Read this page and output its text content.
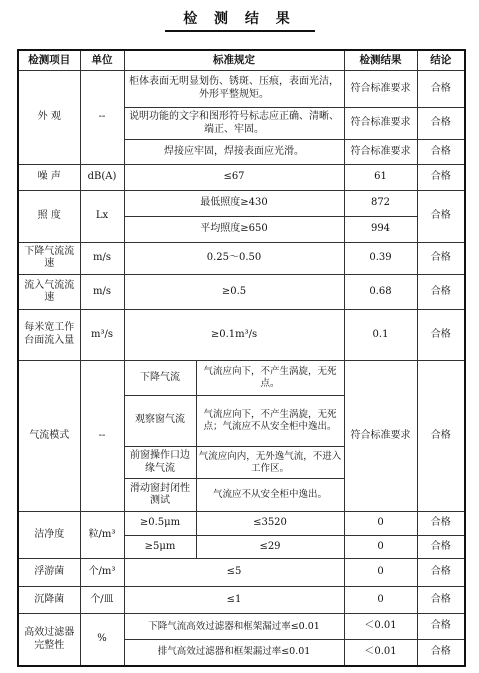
检 测 结 果
检测项目	单位	标准规定		检测结果	结论
外 观	--	柜体表面无明显划伤、锈斑、压痕，表面光洁，外形平整规矩。		符合标准要求	合格
		说明功能的文字和图形符号标志应正确、清晰、端正、牢固。		符合标准要求	合格
		焊接应牢固，焊接表面应光滑。		符合标准要求	合格
噪 声	dB(A)	≤67		61	合格
照 度	Lx	最低照度≥430		872	合格
		平均照度≥650		994	
下降气流流速	m/s	0.25～0.50		0.39	合格
流入气流流速	m/s	≥0.5		0.68	合格
每米宽工作台面流入量	m³/s	≥0.1m³/s		0.1	合格
气流模式	--	下降气流	气流应向下，不产生涡旋，无死点。	符合标准要求	合格
		观察窗气流	气流应向下，不产生涡旋，无死点；气流应不从安全柜中逸出。		
		前窗操作口边缘气流	气流应向内，无外逸气流，不进入工作区。		
		滑动窗封闭性测试	气流应不从安全柜中逸出。		
洁净度	粒/m³	≥0.5μm	≤3520	0	合格
		≥5μm	≤29	0	合格
浮游菌	个/m³	≤5		0	合格
沉降菌	个/皿	≤1		0	合格
高效过滤器完整性	%	下降气流高效过滤器和框架漏过率≤0.01		＜0.01	合格
		排气高效过滤器和框架漏过率≤0.01		＜0.01	合格
